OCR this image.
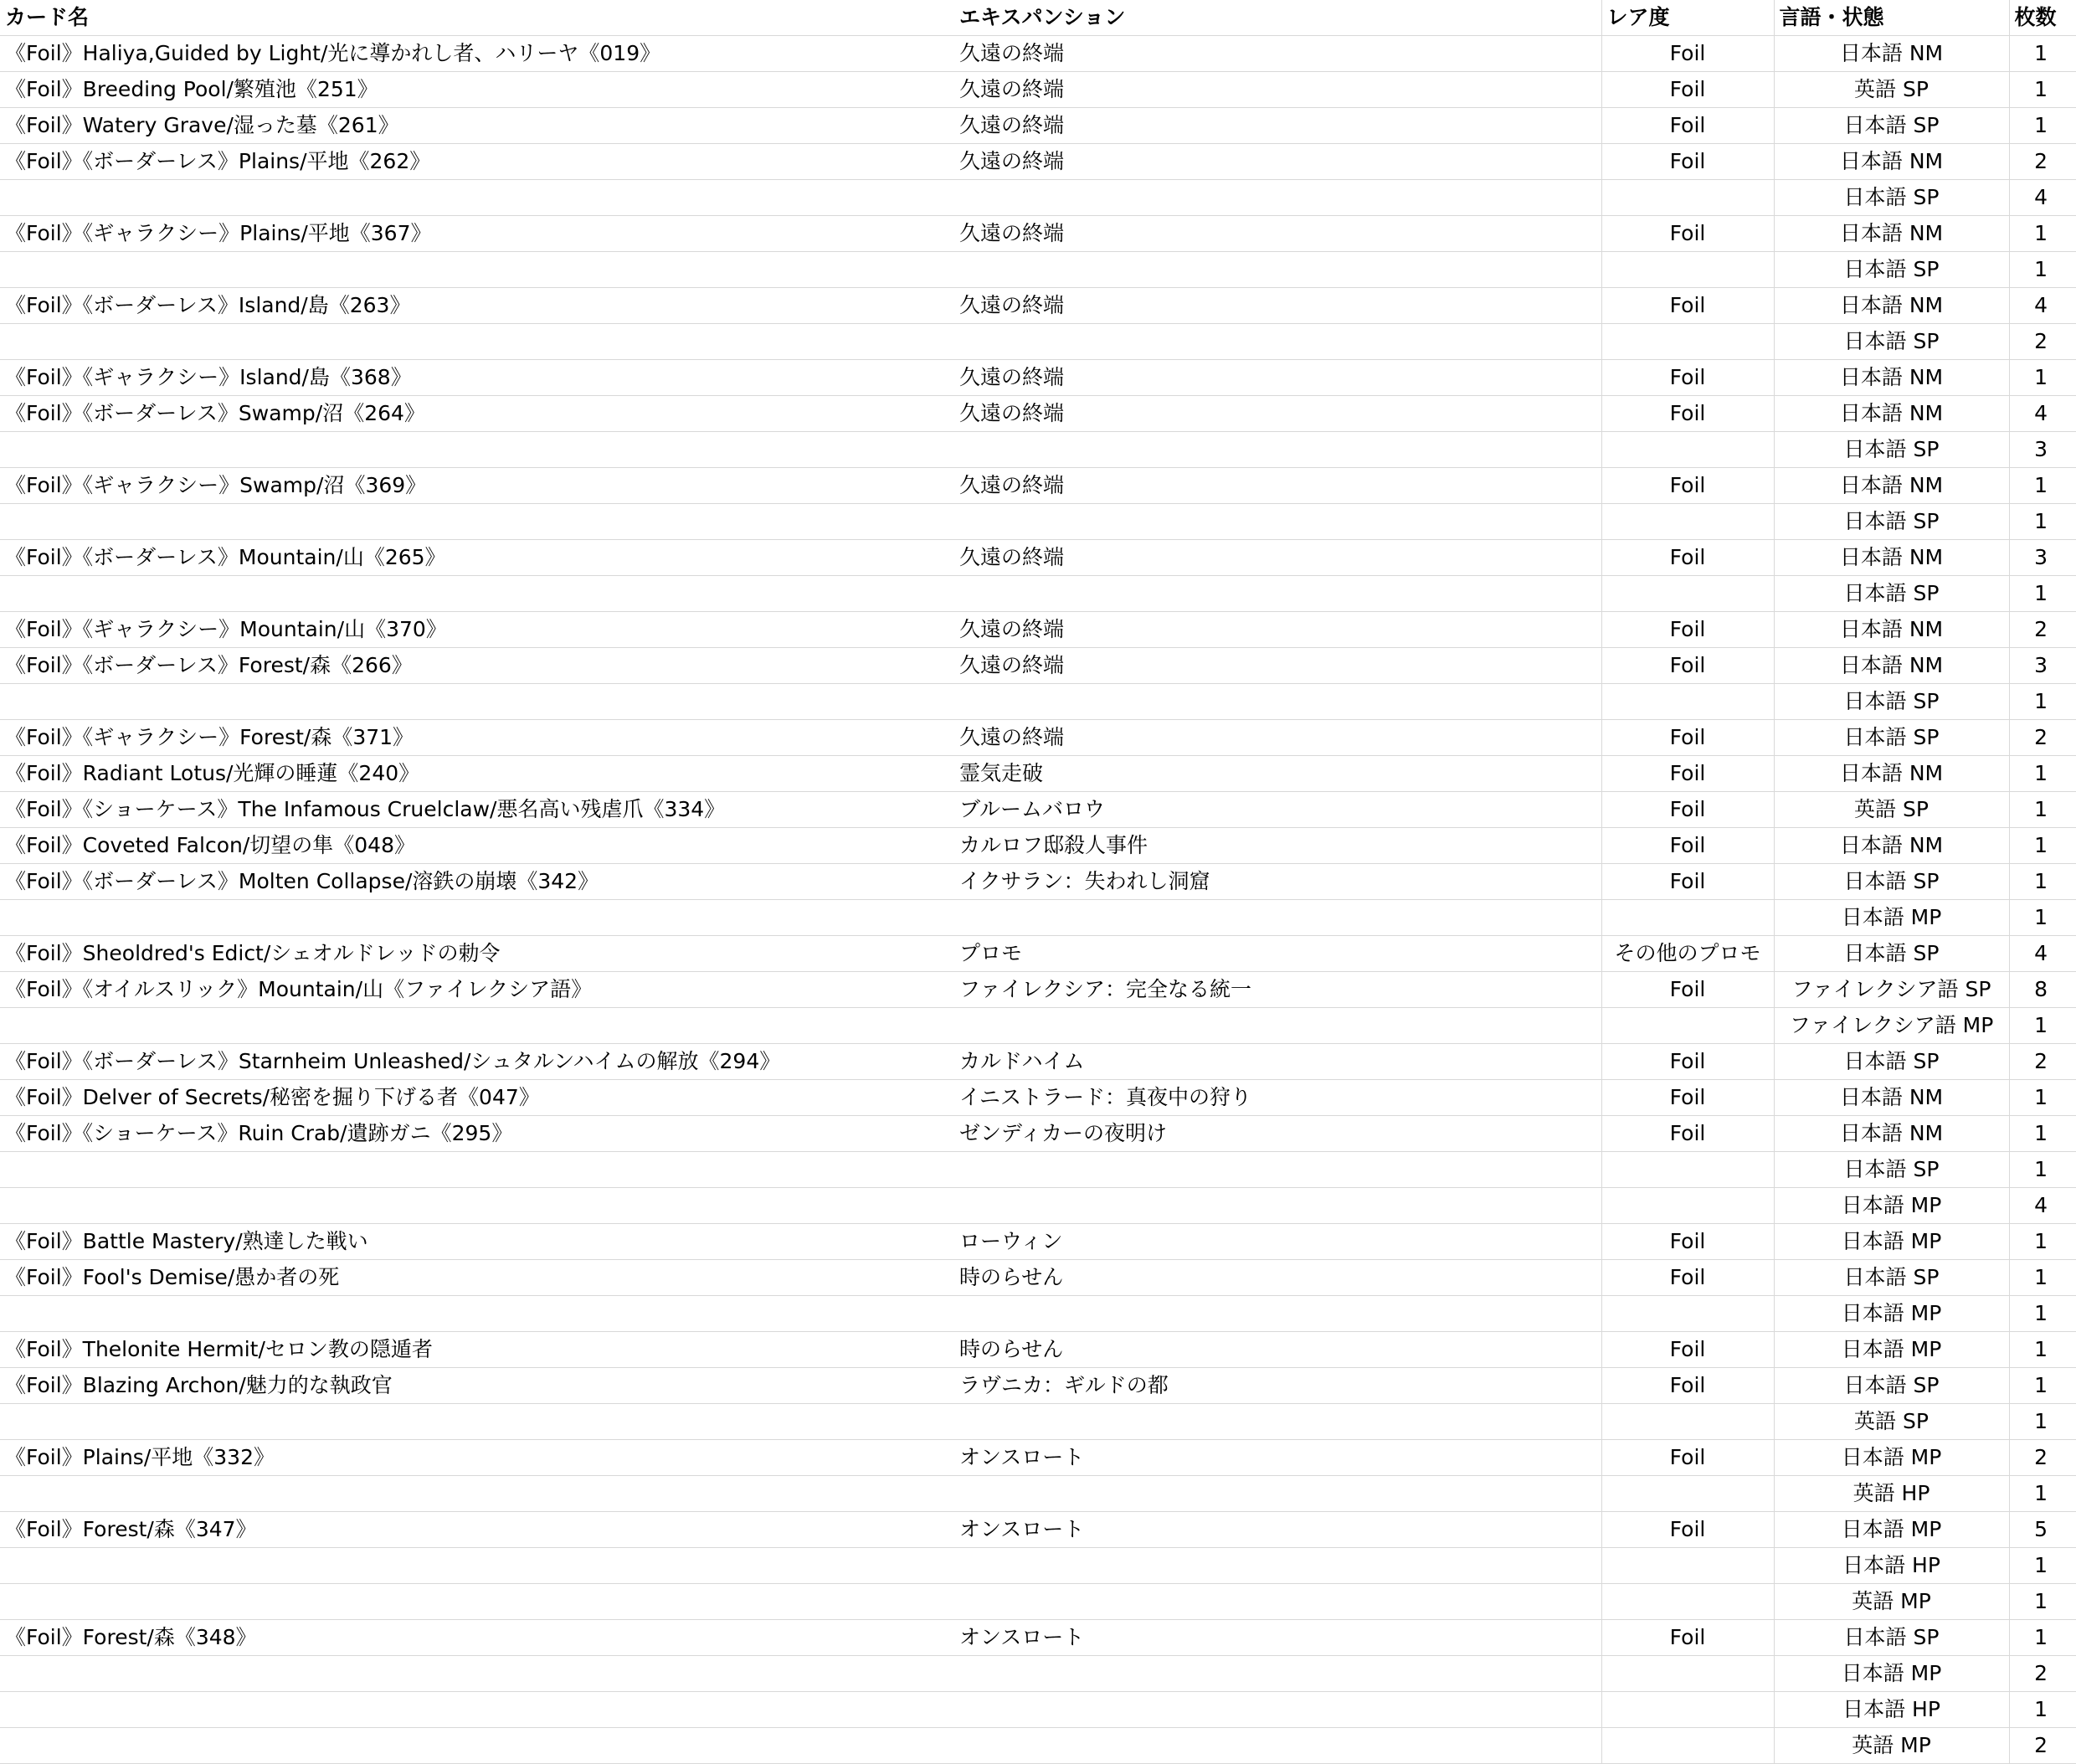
カード名	エキスパンション	レア度	言語・状態	枚数
《Foil》Haliya,Guided by Light/光に導かれし者、ハリーヤ《019》	久遠の終端	Foil	日本語 NM	1
《Foil》Breeding Pool/繁殖池《251》	久遠の終端	Foil	英語 SP	1
《Foil》Watery Grave/湿った墓《261》	久遠の終端	Foil	日本語 SP	1
《Foil》《ボーダーレス》Plains/平地《262》	久遠の終端	Foil	日本語 NM	2
			日本語 SP	4
《Foil》《ギャラクシー》Plains/平地《367》	久遠の終端	Foil	日本語 NM	1
			日本語 SP	1
《Foil》《ボーダーレス》Island/島《263》	久遠の終端	Foil	日本語 NM	4
			日本語 SP	2
《Foil》《ギャラクシー》Island/島《368》	久遠の終端	Foil	日本語 NM	1
《Foil》《ボーダーレス》Swamp/沼《264》	久遠の終端	Foil	日本語 NM	4
			日本語 SP	3
《Foil》《ギャラクシー》Swamp/沼《369》	久遠の終端	Foil	日本語 NM	1
			日本語 SP	1
《Foil》《ボーダーレス》Mountain/山《265》	久遠の終端	Foil	日本語 NM	3
			日本語 SP	1
《Foil》《ギャラクシー》Mountain/山《370》	久遠の終端	Foil	日本語 NM	2
《Foil》《ボーダーレス》Forest/森《266》	久遠の終端	Foil	日本語 NM	3
			日本語 SP	1
《Foil》《ギャラクシー》Forest/森《371》	久遠の終端	Foil	日本語 SP	2
《Foil》Radiant Lotus/光輝の睡蓮《240》	霊気走破	Foil	日本語 NM	1
《Foil》《ショーケース》The Infamous Cruelclaw/悪名高い残虐爪《334》	ブルームバロウ	Foil	英語 SP	1
《Foil》Coveted Falcon/切望の隼《048》	カルロフ邸殺人事件	Foil	日本語 NM	1
《Foil》《ボーダーレス》Molten Collapse/溶鉄の崩壊《342》	イクサラン：失われし洞窟	Foil	日本語 SP	1
			日本語 MP	1
《Foil》Sheoldred's Edict/シェオルドレッドの勅令	プロモ	その他のプロモ	日本語 SP	4
《Foil》《オイルスリック》Mountain/山《ファイレクシア語》	ファイレクシア：完全なる統一	Foil	ファイレクシア語 SP	8
			ファイレクシア語 MP	1
《Foil》《ボーダーレス》Starnheim Unleashed/シュタルンハイムの解放《294》	カルドハイム	Foil	日本語 SP	2
《Foil》Delver of Secrets/秘密を掘り下げる者《047》	イニストラード：真夜中の狩り	Foil	日本語 NM	1
《Foil》《ショーケース》Ruin Crab/遺跡ガニ《295》	ゼンディカーの夜明け	Foil	日本語 NM	1
			日本語 SP	1
			日本語 MP	4
《Foil》Battle Mastery/熟達した戦い	ローウィン	Foil	日本語 MP	1
《Foil》Fool's Demise/愚か者の死	時のらせん	Foil	日本語 SP	1
			日本語 MP	1
《Foil》Thelonite Hermit/セロン教の隠遁者	時のらせん	Foil	日本語 MP	1
《Foil》Blazing Archon/魅力的な執政官	ラヴニカ：ギルドの都	Foil	日本語 SP	1
			英語 SP	1
《Foil》Plains/平地《332》	オンスロート	Foil	日本語 MP	2
			英語 HP	1
《Foil》Forest/森《347》	オンスロート	Foil	日本語 MP	5
			日本語 HP	1
			英語 MP	1
《Foil》Forest/森《348》	オンスロート	Foil	日本語 SP	1
			日本語 MP	2
			日本語 HP	1
			英語 MP	2
